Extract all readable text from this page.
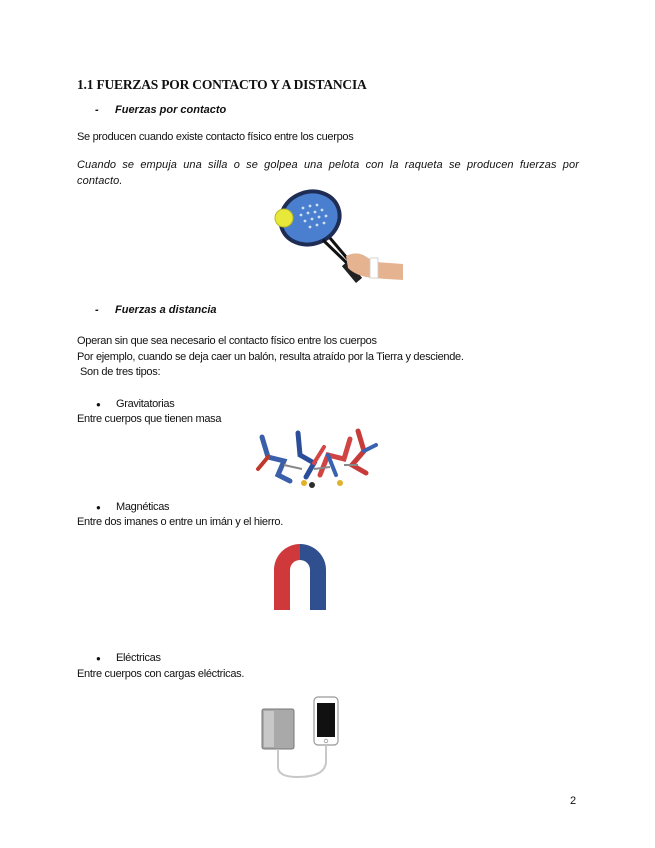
1.1 FUERZAS POR CONTACTO Y A DISTANCIA
- Fuerzas por contacto
Se producen cuando existe contacto físico entre los cuerpos
Cuando se empuja una silla o se golpea una pelota con la raqueta se producen fuerzas por contacto.
- Fuerzas a distancia
Operan sin que sea necesario el contacto físico entre los cuerpos
Por ejemplo, cuando se deja caer un balón, resulta atraído por la Tierra y desciende.
Son de tres tipos:
● Gravitatorias
Entre cuerpos que tienen masa
● Magnéticas
Entre dos imanes o entre un imán y el hierro.
● Eléctricas
Entre cuerpos con cargas eléctricas.
2
